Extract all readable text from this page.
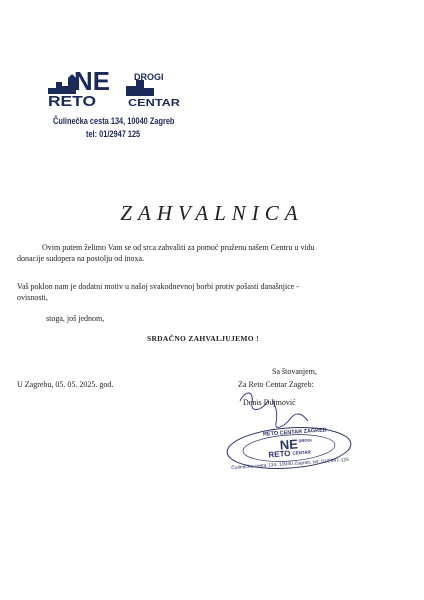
NE	DROGI
RETO	CENTAR
Čulinečka cesta 134, 10040 Zagreb
tel: 01/2947 125
ZAHVALNICA
Ovim putem želimo Vam se od srca zahvaliti za pomoć pruženu našem Centru u vidu
donacije sudopera na postolju od inoxa.
Vaš poklon nam je dodatni motiv u našoj svakodnevnoj borbi protiv pošasti današnjice -
ovisnosti,
stoga, još jednom,
SRDAČNO ZAHVALJUJEMO !
Sa štovanjem,
U Zagrebu, 05. 05. 2025. god.	Za Reto Centar Zagreb:
Denis Dujmović
RETO CENTAR ZAGREB
NE DROGI
RETO CENTAR
Čulinečka cesta 134, 10040 Zagreb, tel: 01/2947-125
